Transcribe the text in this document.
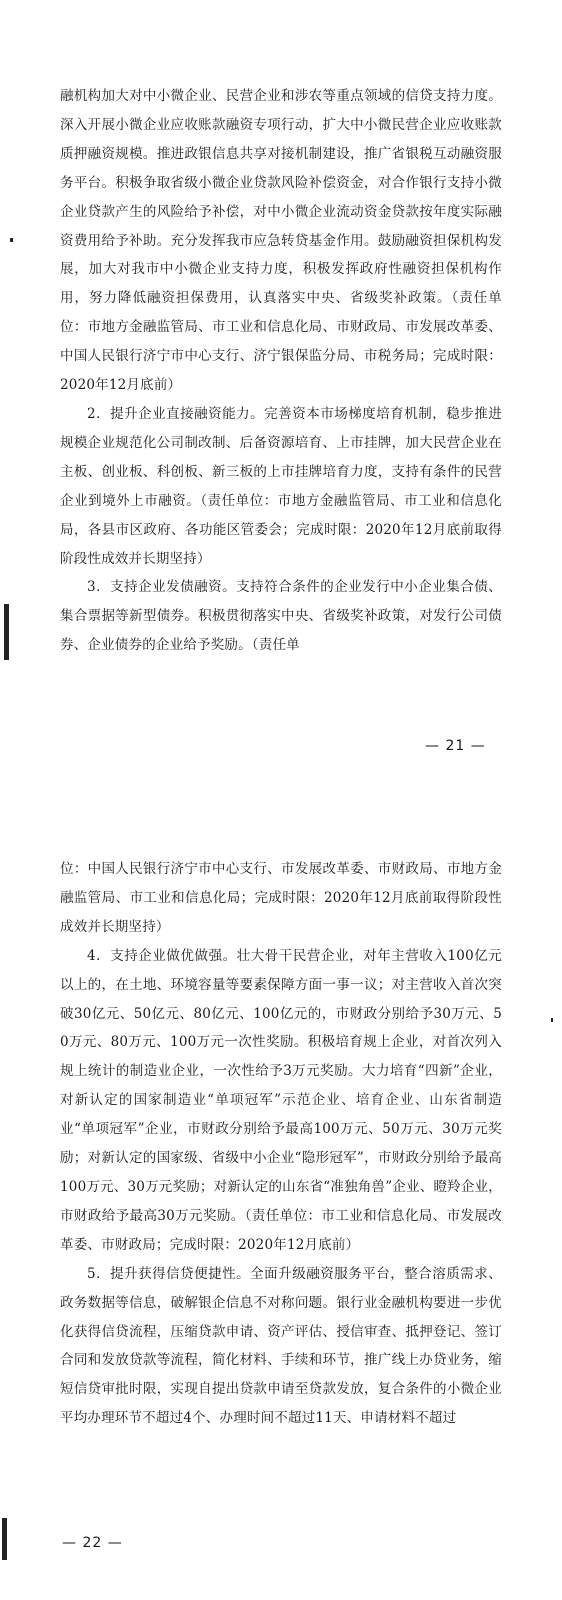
融机构加大对中小微企业、民营企业和涉农等重点领域的信贷支持力度。深入开展小微企业应收账款融资专项行动，扩大中小微民营企业应收账款质押融资规模。推进政银信息共享对接机制建设，推广省银税互动融资服务平台。积极争取省级小微企业贷款风险补偿资金，对合作银行支持小微企业贷款产生的风险给予补偿，对中小微企业流动资金贷款按年度实际融资费用给予补助。充分发挥我市应急转贷基金作用。鼓励融资担保机构发展，加大对我市中小微企业支持力度，积极发挥政府性融资担保机构作用，努力降低融资担保费用，认真落实中央、省级奖补政策。（责任单位：市地方金融监管局、市工业和信息化局、市财政局、市发展改革委、中国人民银行济宁市中心支行、济宁银保监分局、市税务局；完成时限：2020年12月底前）

2．提升企业直接融资能力。完善资本市场梯度培育机制，稳步推进规模企业规范化公司制改制、后备资源培育、上市挂牌，加大民营企业在主板、创业板、科创板、新三板的上市挂牌培育力度，支持有条件的民营企业到境外上市融资。（责任单位：市地方金融监管局、市工业和信息化局，各县市区政府、各功能区管委会；完成时限：2020年12月底前取得阶段性成效并长期坚持）

3．支持企业发债融资。支持符合条件的企业发行中小企业集合债、集合票据等新型债券。积极贯彻落实中央、省级奖补政策，对发行公司债券、企业债券的企业给予奖励。（责任单

— 21 —

位：中国人民银行济宁市中心支行、市发展改革委、市财政局、市地方金融监管局、市工业和信息化局；完成时限：2020年12月底前取得阶段性成效并长期坚持）

4．支持企业做优做强。壮大骨干民营企业，对年主营收入100亿元以上的，在土地、环境容量等要素保障方面一事一议；对主营收入首次突破30亿元、50亿元、80亿元、100亿元的，市财政分别给予30万元、50万元、80万元、100万元一次性奖励。积极培育规上企业，对首次列入规上统计的制造业企业，一次性给予3万元奖励。大力培育“四新”企业，对新认定的国家制造业“单项冠军”示范企业、培育企业、山东省制造业“单项冠军”企业，市财政分别给予最高100万元、50万元、30万元奖励；对新认定的国家级、省级中小企业“隐形冠军”，市财政分别给予最高100万元、30万元奖励；对新认定的山东省“准独角兽”企业、瞪羚企业，市财政给予最高30万元奖励。（责任单位：市工业和信息化局、市发展改革委、市财政局；完成时限：2020年12月底前）

5．提升获得信贷便捷性。全面升级融资服务平台，整合溶质需求、政务数据等信息，破解银企信息不对称问题。银行业金融机构要进一步优化获得信贷流程，压缩贷款申请、资产评估、授信审查、抵押登记、签订合同和发放贷款等流程，简化材料、手续和环节，推广线上办贷业务，缩短信贷审批时限，实现自提出贷款申请至贷款发放，复合条件的小微企业平均办理环节不超过4个、办理时间不超过11天、申请材料不超过

— 22 —
